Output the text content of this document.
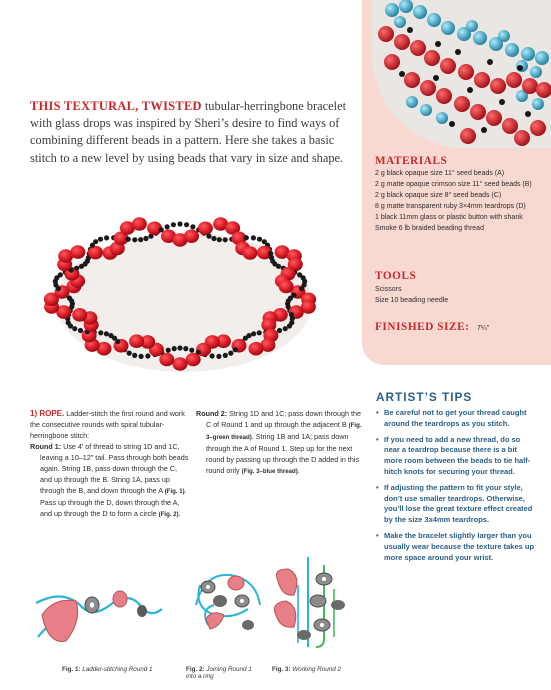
MATERIALS
2 g black opaque size 11° seed beads (A)
2 g matte opaque crimson size 11° seed beads (B)
2 g black opaque size 8° seed beads (C)
8 g matte transparent ruby 3×4mm teardrops (D)
1 black 11mm glass or plastic button with shank
Smoke 6 lb braided beading thread
TOOLS
Scissors
Size 10 beading needle
FINISHED SIZE: 7¼"
THIS TEXTURAL, TWISTED tubular-herringbone bracelet with glass drops was inspired by Sheri’s desire to find ways of combining different beads in a pattern. Here she takes a basic stitch to a new level by using beads that vary in size and shape.
1) ROPE. Ladder-stitch the first round and work the consecutive rounds with spiral tubular-herringbone stitch:
Round 1: Use 4′ of thread to string 1D and 1C, leaving a 10–12″ tail. Pass through both beads again. String 1B, pass down through the C, and up through the B. String 1A, pass up through the B, and down through the A (Fig. 1). Pass up through the D, down through the A, and up through the D to form a circle (Fig. 2).
Round 2: String 1D and 1C; pass down through the C of Round 1 and up through the adjacent B (Fig. 3–green thread). String 1B and 1A; pass down through the A of Round 1. Step up for the next round by passing up through the D added in this round only (Fig. 3–blue thread).
ARTIST’S TIPS
• Be careful not to get your thread caught around the teardrops as you stitch.
• If you need to add a new thread, do so near a teardrop because there is a bit more room between the beads to tie half-hitch knots for securing your thread.
• If adjusting the pattern to fit your style, don’t use smaller teardrops. Otherwise, you’ll lose the great texture effect created by the size 3x4mm teardrops.
• Make the bracelet slightly larger than you usually wear because the texture takes up more space around your wrist.
Fig. 1: Ladder-stitching Round 1	Fig. 2: Joining Round 1
into a ring
Fig. 3: Working Round 2
